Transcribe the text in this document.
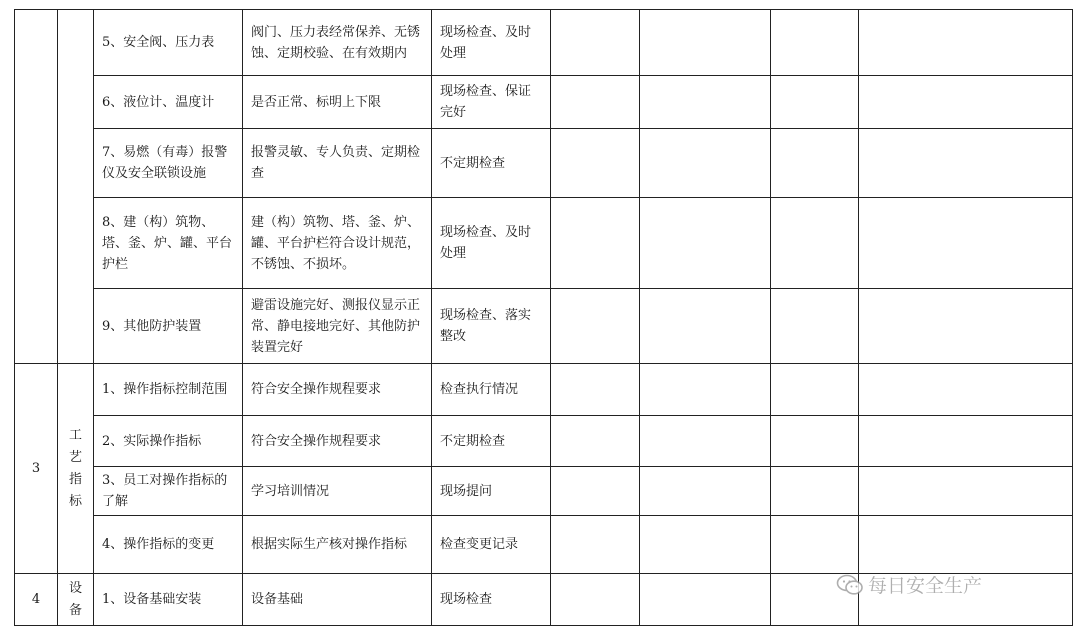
		5、安全阀、压力表	阀门、压力表经常保养、无锈蚀、定期校验、在有效期内	现场检查、及时处理				
		6、液位计、温度计	是否正常、标明上下限	现场检查、保证完好				
		7、易燃（有毒）报警仪及安全联锁设施	报警灵敏、专人负责、定期检查	不定期检查				
		8、建（构）筑物、塔、釜、炉、罐、平台护栏	建（构）筑物、塔、釜、炉、罐、平台护栏符合设计规范，不锈蚀、不损坏。	现场检查、及时处理				
		9、其他防护装置	避雷设施完好、测报仪显示正常、静电接地完好、其他防护装置完好	现场检查、落实整改				
3	工艺指标	1、操作指标控制范围	符合安全操作规程要求	检查执行情况				
		2、实际操作指标	符合安全操作规程要求	不定期检查				
		3、员工对操作指标的了解	学习培训情况	现场提问				
		4、操作指标的变更	根据实际生产核对操作指标	检查变更记录				
4	设备	1、设备基础安装	设备基础	现场检查				
每日安全生产
